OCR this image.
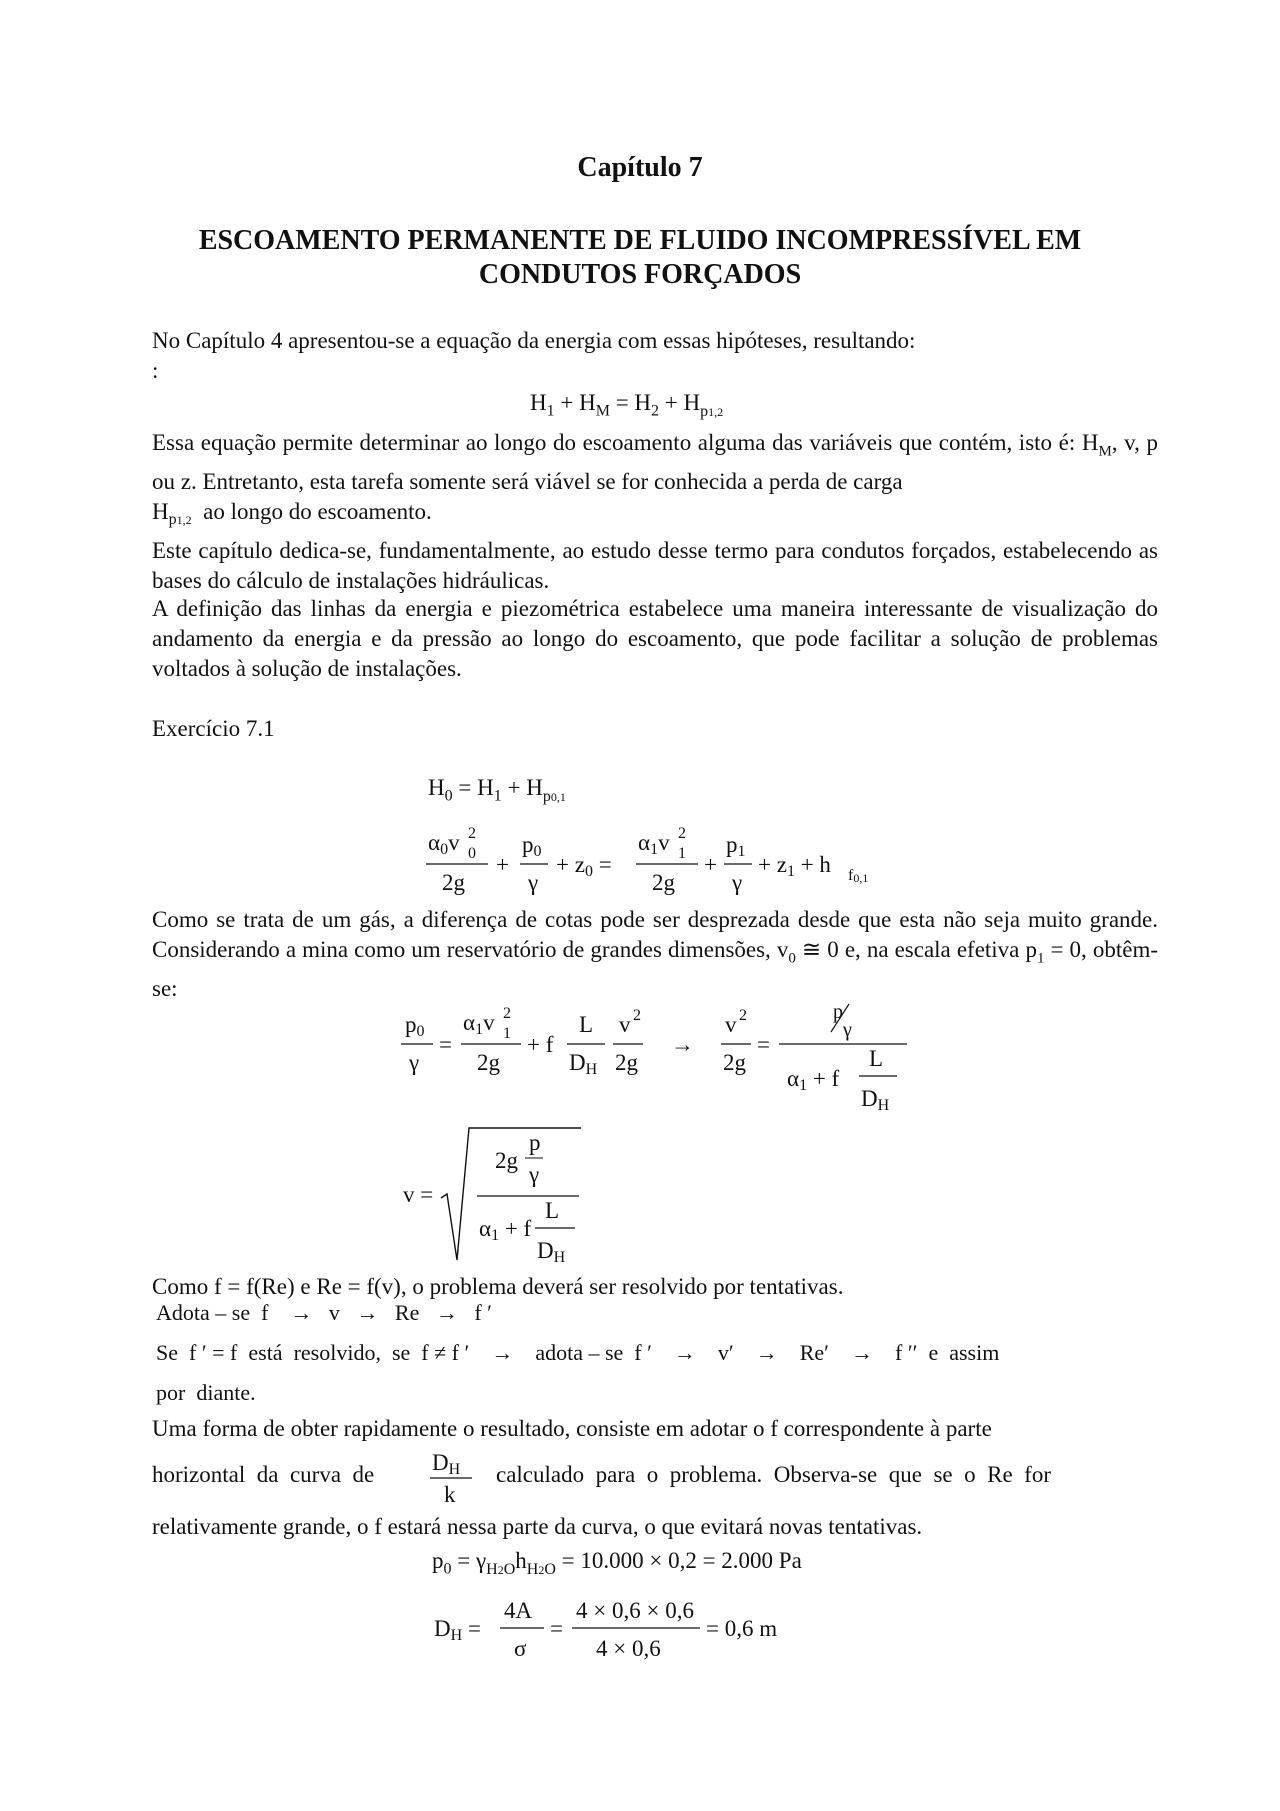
Capítulo 7
ESCOAMENTO PERMANENTE DE FLUIDO INCOMPRESSÍVEL EM
CONDUTOS FORÇADOS
No Capítulo 4 apresentou-se a equação da energia com essas hipóteses, resultando:
:
$H_1 + H_M = H_2 + H_{p1,2}$
Essa equação permite determinar ao longo do escoamento alguma das variáveis que contém, isto é: $H_M$, v, p ou z. Entretanto, esta tarefa somente será viável se for conhecida a perda de carga
$H_{p1,2}$ ao longo do escoamento.
Este capítulo dedica-se, fundamentalmente, ao estudo desse termo para condutos forçados, estabelecendo as bases do cálculo de instalações hidráulicas.
A definição das linhas da energia e piezométrica estabelece uma maneira interessante de visualização do andamento da energia e da pressão ao longo do escoamento, que pode facilitar a solução de problemas voltados à solução de instalações.
Exercício 7.1
$H_0 = H_1 + H_{p0,1}$
α0v 2
0
2g
+
p0
γ
+ z0 =
α1v 2
1
2g
+
p1
γ
+ z1 + h f0,1
Como se trata de um gás, a diferença de cotas pode ser desprezada desde que esta não seja muito grande. Considerando a mina como um reservatório de grandes dimensões, $v_0$ ≅ 0 e, na escala efetiva $p_1 = 0$, obtêm-se:
p0
γ
=
α1v 2
1
2g
+ f
L
DH
v 2
2g
→
v 2
2g
=
p
γ
α1 + f
L
DH
v =
2g
p
γ
α1 + f
L
DH
Como f = f(Re) e Re = f(v), o problema deverá ser resolvido por tentativas.
Adota – se  f    →   v   →   Re   →   f ′
Se  f ′ = f  está  resolvido,  se  f ≠ f ′    →    adota – se  f ′    →    v′    →    Re′    →    f ′′  e  assim
por  diante.
Uma forma de obter rapidamente o resultado, consiste em adotar o f correspondente à parte
horizontal  da  curva  de	DH
k
calculado  para  o  problema.  Observa-se  que  se  o  Re  for
relativamente grande, o f estará nessa parte da curva, o que evitará novas tentativas.
$p_0 = \gamma_{H2O}h_{H2O} = 10.000 \times 0,2 = 2.000$ Pa
DH =
4A
σ
=
4 × 0,6 × 0,6
4 × 0,6
= 0,6 m
